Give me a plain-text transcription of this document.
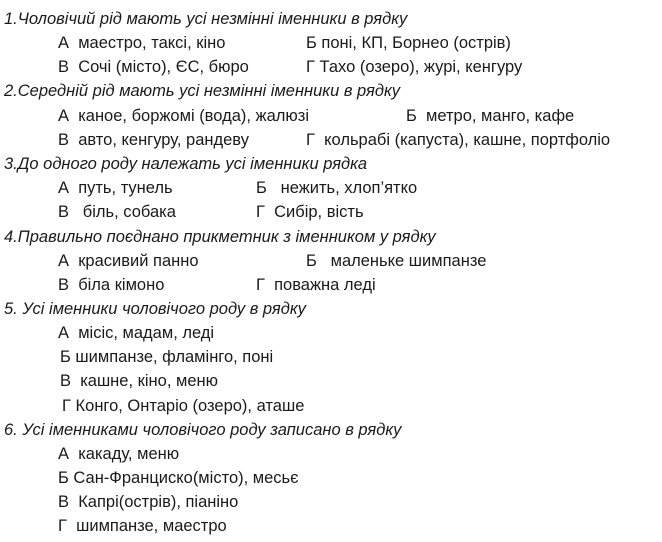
1.Чоловічий рід мають усі незмінні іменники в рядку
А маестро, таксі, кіно	Б поні, КП, Борнео (острів)
В Сочі (місто), ЄС, бюро	Г Тахо (озеро), журі, кенгуру
2.Середній рід мають усі незмінні іменники в рядку
А каное, боржомі (вода), жалюзі	Б метро, манго, кафе
В авто, кенгуру, рандеву	Г кольрабі (капуста), кашне, портфоліо
3.До одного роду належать усі іменники рядка
А путь, тунель	Б нежить, хлоп’ятко
В біль, собака	Г Сибір, вість
4.Правильно поєднано прикметник з іменником у рядку
А красивий панно	Б маленьке шимпанзе
В біла кімоно	Г поважна леді
5. Усі іменники чоловічого роду в рядку
А місіс, мадам, леді
Б шимпанзе, фламінго, поні
В кашне, кіно, меню
Г Конго, Онтаріо (озеро), аташе
6. Усі іменниками чоловічого роду записано в рядку
А какаду, меню
Б Сан-Франциско(місто), месьє
В Капрі(острів), піаніно
Г шимпанзе, маестро
